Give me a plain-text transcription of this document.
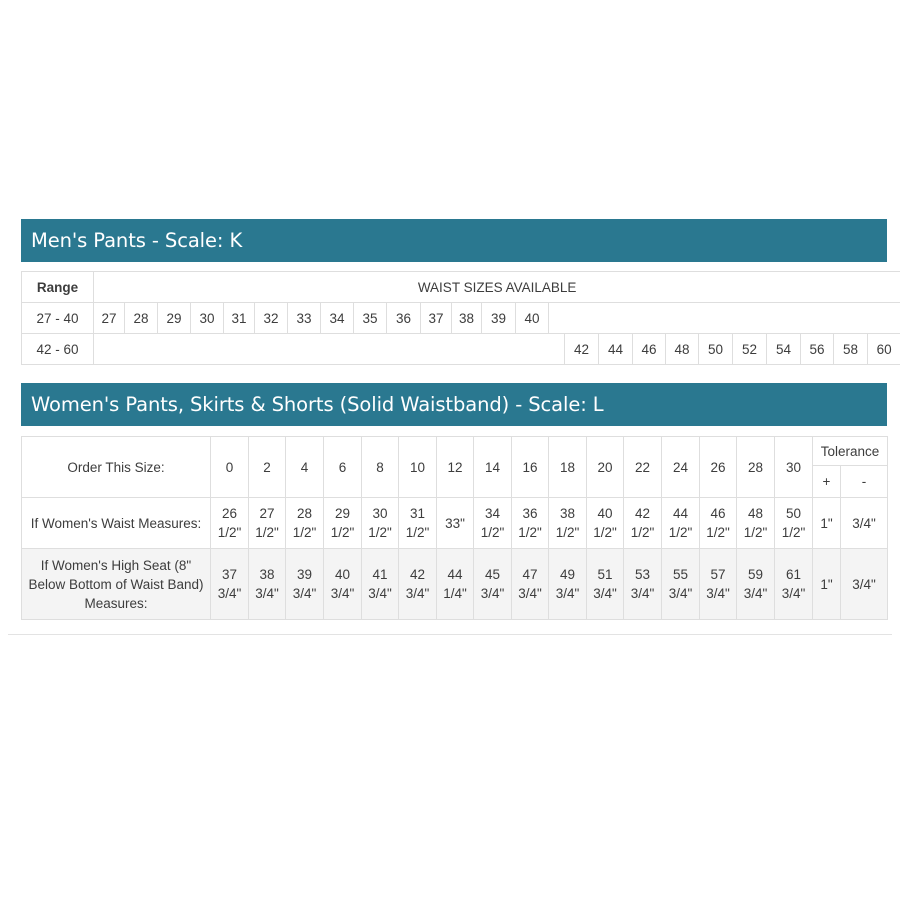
Men's Pants - Scale: K
Range	WAIST SIZES AVAILABLE																								
27 - 40	27	28	29	30	31	32	33	34	35	36	37	38	39	40											
42 - 60																42	44	46	48	50	52	54	56	58	60
Women's Pants, Skirts & Shorts (Solid Waistband) - Scale: L
Order This Size:	0	2	4	6	8	10	12	14	16	18	20	22	24	26	28	30	Tolerance	
																	+	-
If Women's Waist Measures:	26 1/2"	27 1/2"	28 1/2"	29 1/2"	30 1/2"	31 1/2"	33"	34 1/2"	36 1/2"	38 1/2"	40 1/2"	42 1/2"	44 1/2"	46 1/2"	48 1/2"	50 1/2"	1"	3/4"
If Women's High Seat (8" Below Bottom of Waist Band) Measures:	37 3/4"	38 3/4"	39 3/4"	40 3/4"	41 3/4"	42 3/4"	44 1/4"	45 3/4"	47 3/4"	49 3/4"	51 3/4"	53 3/4"	55 3/4"	57 3/4"	59 3/4"	61 3/4"	1"	3/4"
